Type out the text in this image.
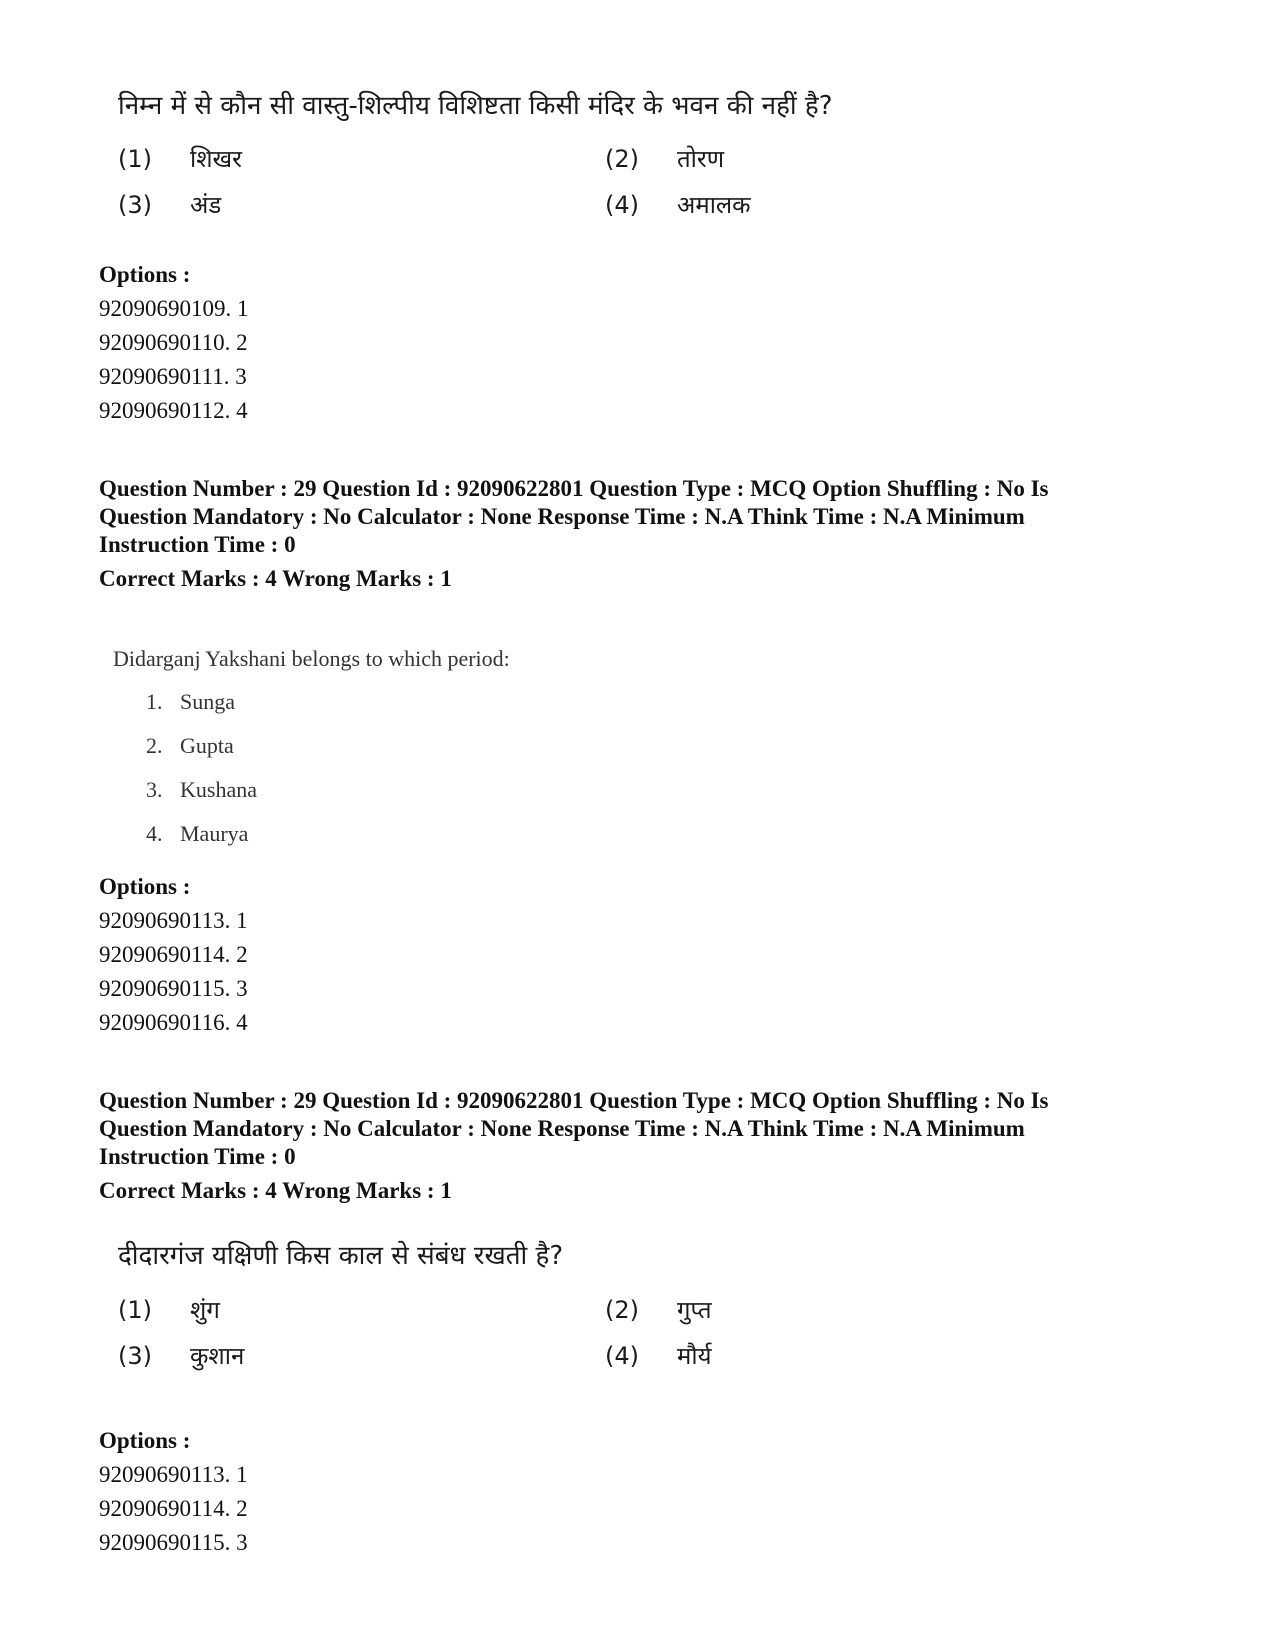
निम्न में से कौन सी वास्तु-शिल्पीय विशिष्टता किसी मंदिर के भवन की नहीं है?
(1) शिखर	(2) तोरण
(3) अंड	(4) अमालक
Options :
92090690109. 1
92090690110. 2
92090690111. 3
92090690112. 4
Question Number : 29 Question Id : 92090622801 Question Type : MCQ Option Shuffling : No Is
Question Mandatory : No Calculator : None Response Time : N.A Think Time : N.A Minimum
Instruction Time : 0
Correct Marks : 4 Wrong Marks : 1
Didarganj Yakshani belongs to which period:
1. Sunga
2. Gupta
3. Kushana
4. Maurya
Options :
92090690113. 1
92090690114. 2
92090690115. 3
92090690116. 4
Question Number : 29 Question Id : 92090622801 Question Type : MCQ Option Shuffling : No Is
Question Mandatory : No Calculator : None Response Time : N.A Think Time : N.A Minimum
Instruction Time : 0
Correct Marks : 4 Wrong Marks : 1
दीदारगंज यक्षिणी किस काल से संबंध रखती है?
(1) शुंग	(2) गुप्त
(3) कुशान	(4) मौर्य
Options :
92090690113. 1
92090690114. 2
92090690115. 3
